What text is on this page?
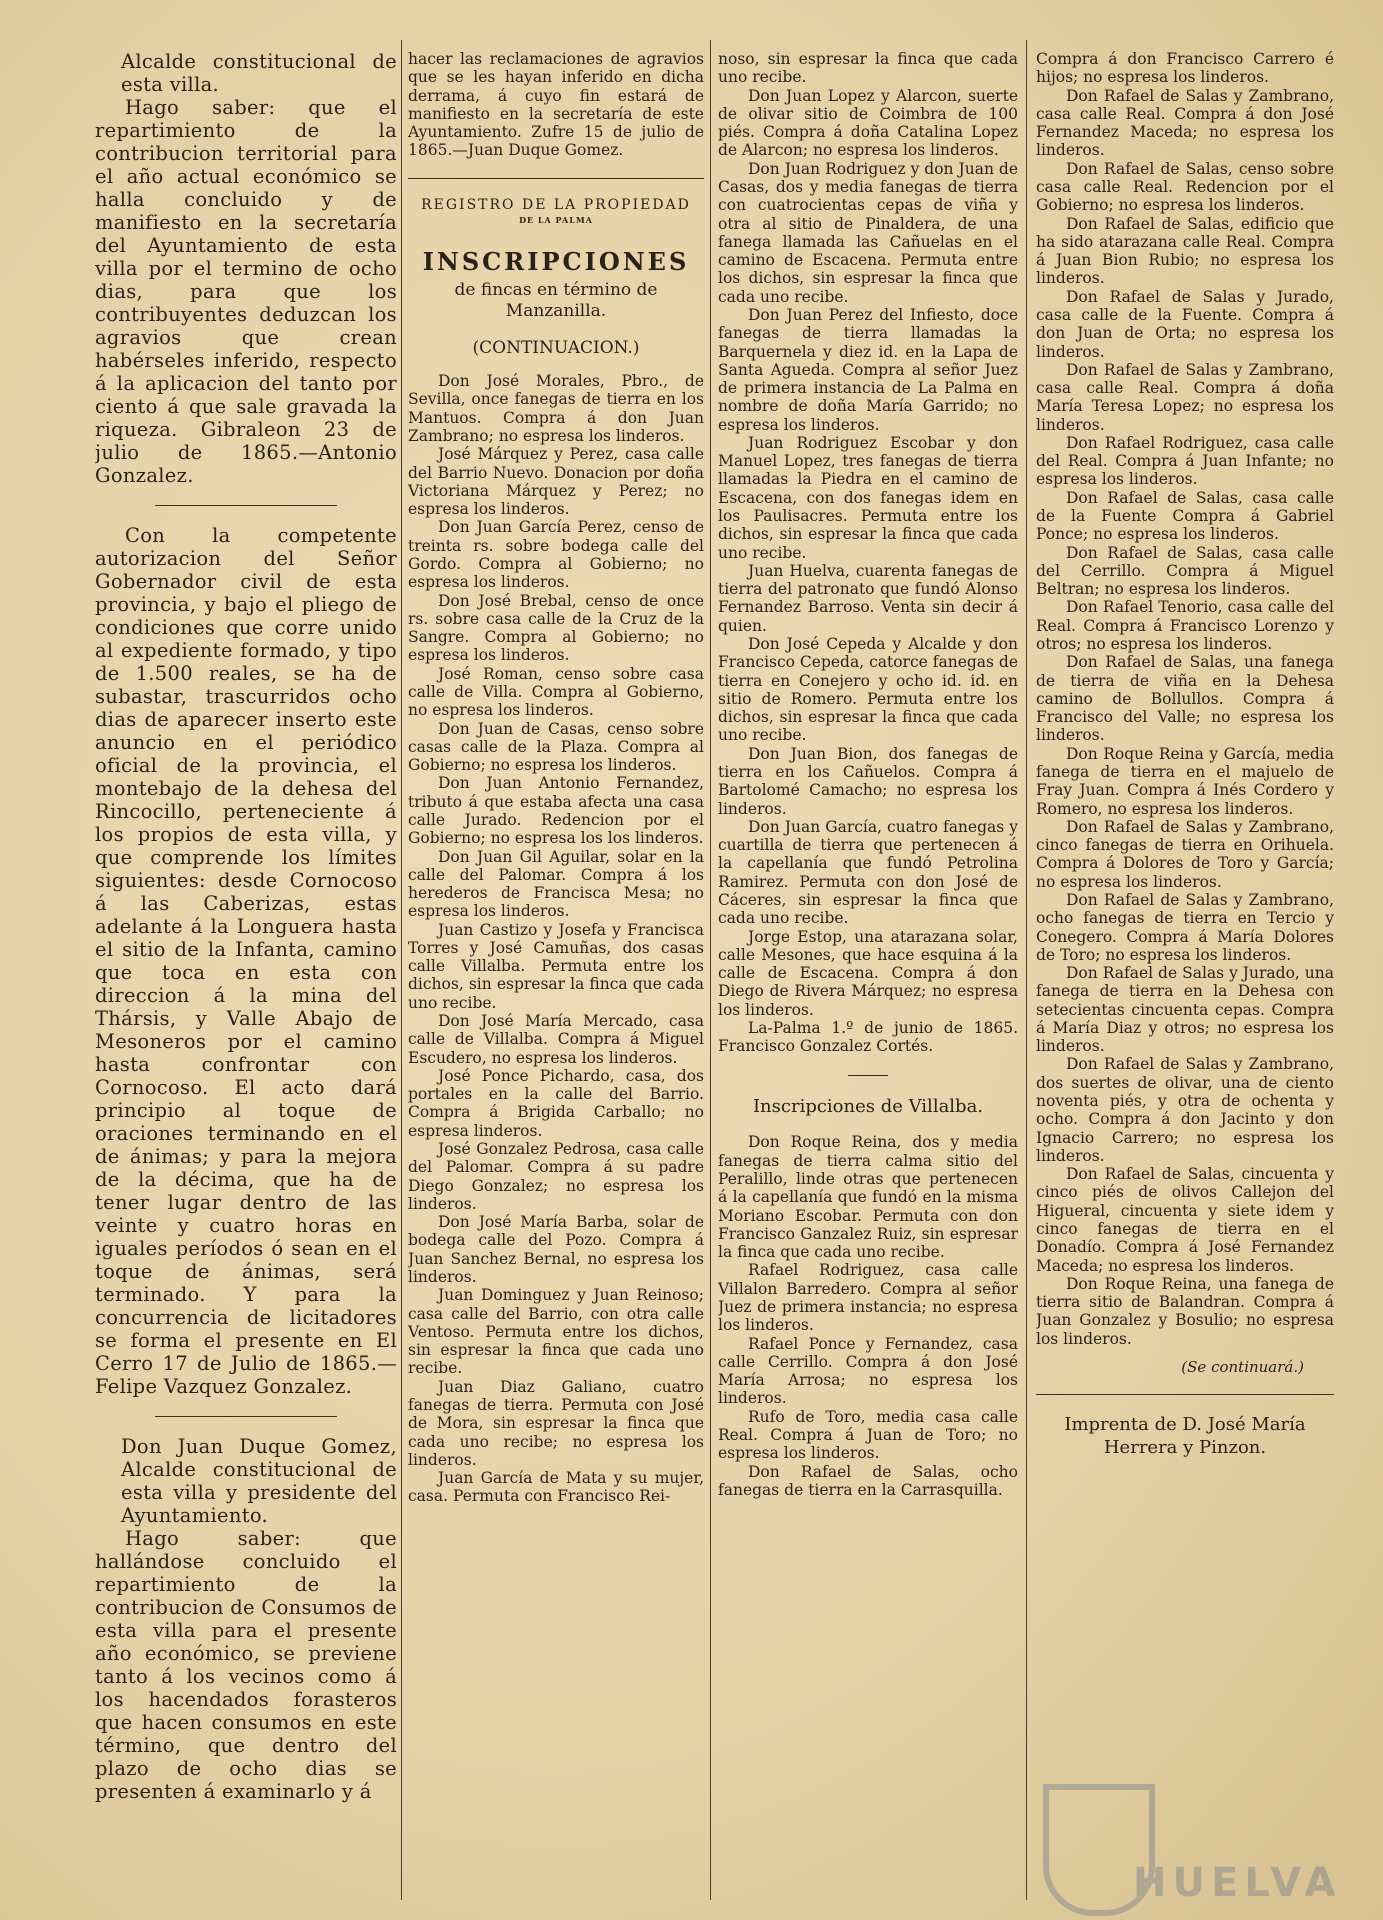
Alcalde constitucional de esta villa.

Hago saber: que el repartimiento de la contribucion territorial para el año actual económico se halla concluido y de manifiesto en la secretaría del Ayuntamiento de esta villa por el termino de ocho dias, para que los contribuyentes deduzcan los agravios que crean habérseles inferido, respecto á la aplicacion del tanto por ciento á que sale gravada la riqueza. Gibraleon 23 de julio de 1865.—Antonio Gonzalez.

Con la competente autorizacion del Señor Gobernador civil de esta provincia, y bajo el pliego de condiciones que corre unido al expediente formado, y tipo de 1.500 reales, se ha de subastar, trascurridos ocho dias de aparecer inserto este anuncio en el periódico oficial de la provincia, el montebajo de la dehesa del Rincocillo, perteneciente á los propios de esta villa, y que comprende los límites siguientes: desde Cornocoso á las Caberizas, estas adelante á la Longuera hasta el sitio de la Infanta, camino que toca en esta con direccion á la mina del Thársis, y Valle Abajo de Mesoneros por el camino hasta confrontar con Cornocoso. El acto dará principio al toque de oraciones terminando en el de ánimas; y para la mejora de la décima, que ha de tener lugar dentro de las veinte y cuatro horas en iguales períodos ó sean en el toque de ánimas, será terminado. Y para la concurrencia de licitadores se forma el presente en El Cerro 17 de Julio de 1865.—Felipe Vazquez Gonzalez.

Don Juan Duque Gomez, Alcalde constitucional de esta villa y presidente del Ayuntamiento.

Hago saber: que hallándose concluido el repartimiento de la contribucion de Consumos de esta villa para el presente año económico, se previene tanto á los vecinos como á los hacendados forasteros que hacen consumos en este término, que dentro del plazo de ocho dias se presenten á examinarlo y á

hacer las reclamaciones de agravios que se les hayan inferido en dicha derrama, á cuyo fin estará de manifiesto en la secretaría de este Ayuntamiento. Zufre 15 de julio de 1865.—Juan Duque Gomez.

REGISTRO DE LA PROPIEDAD
DE LA PALMA
INSCRIPCIONES
de fincas en término de Manzanilla.
(CONTINUACION.)

Don José Morales, Pbro., de Sevilla, once fanegas de tierra en los Mantuos. Compra á don Juan Zambrano; no espresa los linderos.

José Márquez y Perez, casa calle del Barrio Nuevo. Donacion por doña Victoriana Márquez y Perez; no espresa los linderos.

Don Juan García Perez, censo de treinta rs. sobre bodega calle del Gordo. Compra al Gobierno; no espresa los linderos.

Don José Brebal, censo de once rs. sobre casa calle de la Cruz de la Sangre. Compra al Gobierno; no espresa los linderos.

José Roman, censo sobre casa calle de Villa. Compra al Gobierno, no espresa los linderos.

Don Juan de Casas, censo sobre casas calle de la Plaza. Compra al Gobierno; no espresa los linderos.

Don Juan Antonio Fernandez, tributo á que estaba afecta una casa calle Jurado. Redencion por el Gobierno; no espresa los los linderos.

Don Juan Gil Aguilar, solar en la calle del Palomar. Compra á los herederos de Francisca Mesa; no espresa los linderos.

Juan Castizo y Josefa y Francisca Torres y José Camuñas, dos casas calle Villalba. Permuta entre los dichos, sin espresar la finca que cada uno recibe.

Don José María Mercado, casa calle de Villalba. Compra á Miguel Escudero, no espresa los linderos.

José Ponce Pichardo, casa, dos portales en la calle del Barrio. Compra á Brigida Carballo; no espresa linderos.

José Gonzalez Pedrosa, casa calle del Palomar. Compra á su padre Diego Gonzalez; no espresa los linderos.

Don José María Barba, solar de bodega calle del Pozo. Compra á Juan Sanchez Bernal, no espresa los linderos.

Juan Dominguez y Juan Reinoso; casa calle del Barrio, con otra calle Ventoso. Permuta entre los dichos, sin espresar la finca que cada uno recibe.

Juan Diaz Galiano, cuatro fanegas de tierra. Permuta con José de Mora, sin espresar la finca que cada uno recibe; no espresa los linderos.

Juan García de Mata y su mujer, casa. Permuta con Francisco Rei-

noso, sin espresar la finca que cada uno recibe.

Don Juan Lopez y Alarcon, suerte de olivar sitio de Coimbra de 100 piés. Compra á doña Catalina Lopez de Alarcon; no espresa los linderos.

Don Juan Rodriguez y don Juan de Casas, dos y media fanegas de tierra con cuatrocientas cepas de viña y otra al sitio de Pinaldera, de una fanega llamada las Cañuelas en el camino de Escacena. Permuta entre los dichos, sin espresar la finca que cada uno recibe.

Don Juan Perez del Infiesto, doce fanegas de tierra llamadas la Barquernela y diez id. en la Lapa de Santa Agueda. Compra al señor Juez de primera instancia de La Palma en nombre de doña María Garrido; no espresa los linderos.

Juan Rodriguez Escobar y don Manuel Lopez, tres fanegas de tierra llamadas la Piedra en el camino de Escacena, con dos fanegas idem en los Paulisacres. Permuta entre los dichos, sin espresar la finca que cada uno recibe.

Juan Huelva, cuarenta fanegas de tierra del patronato que fundó Alonso Fernandez Barroso. Venta sin decir á quien.

Don José Cepeda y Alcalde y don Francisco Cepeda, catorce fanegas de tierra en Conejero y ocho id. id. en sitio de Romero. Permuta entre los dichos, sin espresar la finca que cada uno recibe.

Don Juan Bion, dos fanegas de tierra en los Cañuelos. Compra á Bartolomé Camacho; no espresa los linderos.

Don Juan García, cuatro fanegas y cuartilla de tierra que pertenecen á la capellanía que fundó Petrolina Ramirez. Permuta con don José de Cáceres, sin espresar la finca que cada uno recibe.

Jorge Estop, una atarazana solar, calle Mesones, que hace esquina á la calle de Escacena. Compra á don Diego de Rivera Márquez; no espresa los linderos.

La-Palma 1.º de junio de 1865. Francisco Gonzalez Cortés.

Inscripciones de Villalba.

Don Roque Reina, dos y media fanegas de tierra calma sitio del Peralillo, linde otras que pertenecen á la capellanía que fundó en la misma Moriano Escobar. Permuta con don Francisco Ganzalez Ruiz, sin espresar la finca que cada uno recibe.

Rafael Rodriguez, casa calle Villalon Barredero. Compra al señor Juez de primera instancia; no espresa los linderos.

Rafael Ponce y Fernandez, casa calle Cerrillo. Compra á don José María Arrosa; no espresa los linderos.

Rufo de Toro, media casa calle Real. Compra á Juan de Toro; no espresa los linderos.

Don Rafael de Salas, ocho fanegas de tierra en la Carrasquilla.

Compra á don Francisco Carrero é hijos; no espresa los linderos.

Don Rafael de Salas y Zambrano, casa calle Real. Compra á don José Fernandez Maceda; no espresa los linderos.

Don Rafael de Salas, censo sobre casa calle Real. Redencion por el Gobierno; no espresa los linderos.

Don Rafael de Salas, edificio que ha sido atarazana calle Real. Compra á Juan Bion Rubio; no espresa los linderos.

Don Rafael de Salas y Jurado, casa calle de la Fuente. Compra á don Juan de Orta; no espresa los linderos.

Don Rafael de Salas y Zambrano, casa calle Real. Compra á doña María Teresa Lopez; no espresa los linderos.

Don Rafael Rodriguez, casa calle del Real. Compra á Juan Infante; no espresa los linderos.

Don Rafael de Salas, casa calle de la Fuente Compra á Gabriel Ponce; no espresa los linderos.

Don Rafael de Salas, casa calle del Cerrillo. Compra á Miguel Beltran; no espresa los linderos.

Don Rafael Tenorio, casa calle del Real. Compra á Francisco Lorenzo y otros; no espresa los linderos.

Don Rafael de Salas, una fanega de tierra de viña en la Dehesa camino de Bollullos. Compra á Francisco del Valle; no espresa los linderos.

Don Roque Reina y García, media fanega de tierra en el majuelo de Fray Juan. Compra á Inés Cordero y Romero, no espresa los linderos.

Don Rafael de Salas y Zambrano, cinco fanegas de tierra en Orihuela. Compra á Dolores de Toro y García; no espresa los linderos.

Don Rafael de Salas y Zambrano, ocho fanegas de tierra en Tercio y Conegero. Compra á María Dolores de Toro; no espresa los linderos.

Don Rafael de Salas y Jurado, una fanega de tierra en la Dehesa con setecientas cincuenta cepas. Compra á María Diaz y otros; no espresa los linderos.

Don Rafael de Salas y Zambrano, dos suertes de olivar, una de ciento noventa piés, y otra de ochenta y ocho. Compra á don Jacinto y don Ignacio Carrero; no espresa los linderos.

Don Rafael de Salas, cincuenta y cinco piés de olivos Callejon del Higueral, cincuenta y siete idem y cinco fanegas de tierra en el Donadío. Compra á José Fernandez Maceda; no espresa los linderos.

Don Roque Reina, una fanega de tierra sitio de Balandran. Compra á Juan Gonzalez y Bosulio; no espresa los linderos.

(Se continuará.)
Imprenta de D. José María
Herrera y Pinzon.
HUELVA
